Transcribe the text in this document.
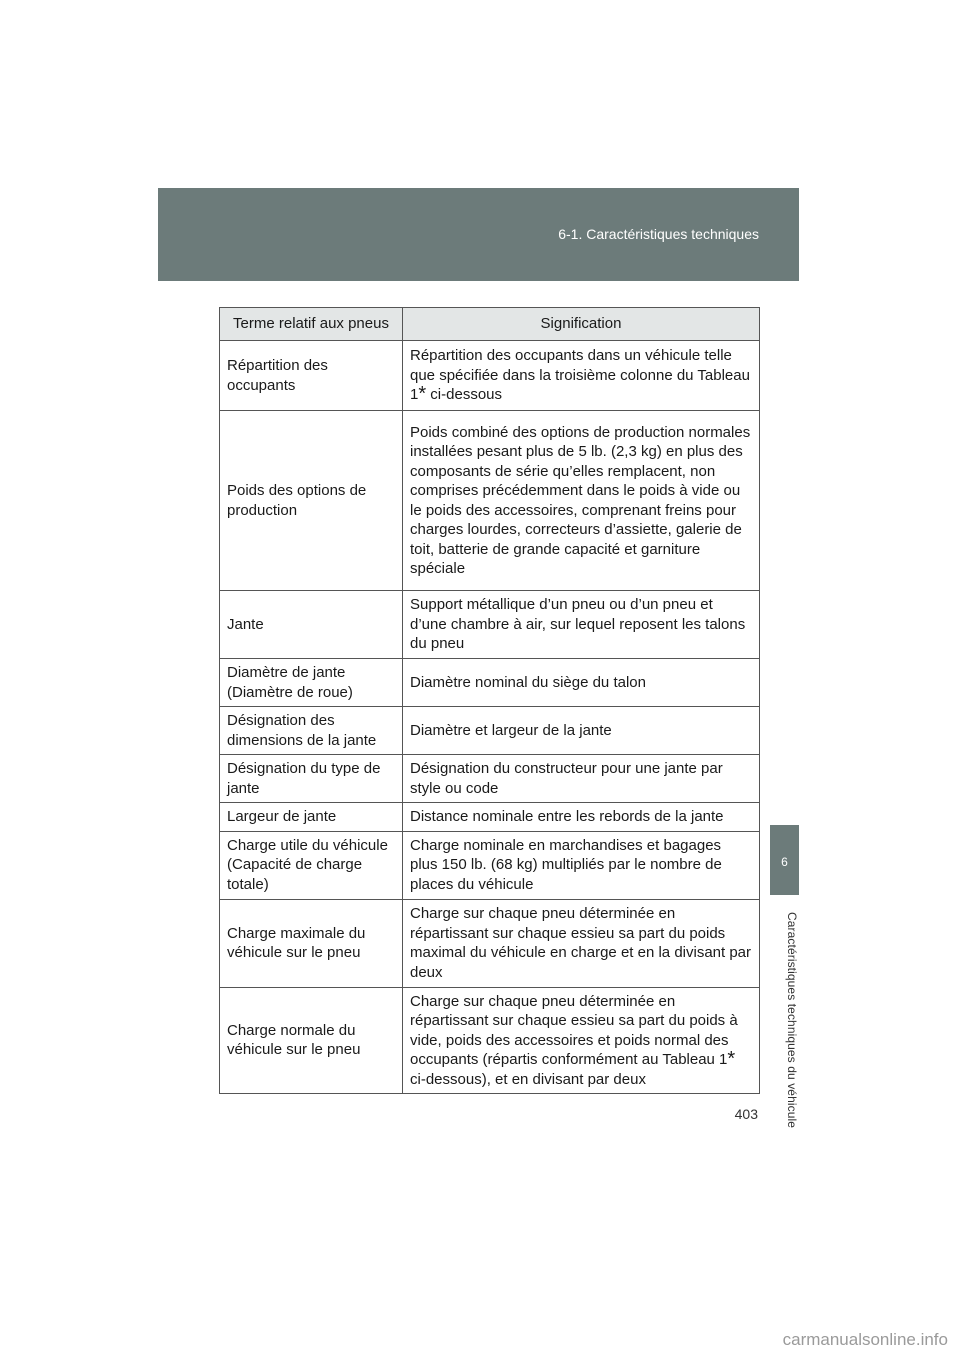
6-1. Caractéristiques techniques
6
Caractéristiques techniques du véhicule
Terme relatif aux pneus	Signification
Répartition des occupants	Répartition des occupants dans un véhicule telle que spécifiée dans la troisième colonne du Tableau 1* ci-dessous
Poids des options de production	Poids combiné des options de production normales installées pesant plus de 5 lb. (2,3 kg) en plus des composants de série qu’elles remplacent, non comprises précédemment dans le poids à vide ou le poids des accessoires, comprenant freins pour charges lourdes, correcteurs d’assiette, galerie de toit, batterie de grande capacité et garniture spéciale
Jante	Support métallique d’un pneu ou d’un pneu et d’une chambre à air, sur lequel reposent les talons du pneu
Diamètre de jante (Diamètre de roue)	Diamètre nominal du siège du talon
Désignation des dimensions de la jante	Diamètre et largeur de la jante
Désignation du type de jante	Désignation du constructeur pour une jante par style ou code
Largeur de jante	Distance nominale entre les rebords de la jante
Charge utile du véhicule (Capacité de charge totale)	Charge nominale en marchandises et bagages plus 150 lb. (68 kg) multipliés par le nombre de places du véhicule
Charge maximale du véhicule sur le pneu	Charge sur chaque pneu déterminée en répartissant sur chaque essieu sa part du poids maximal du véhicule en charge et en la divisant par deux
Charge normale du véhicule sur le pneu	Charge sur chaque pneu déterminée en répartissant sur chaque essieu sa part du poids à vide, poids des accessoires et poids normal des occupants (répartis conformément au Tableau 1* ci-dessous), et en divisant par deux
403
carmanualsonline.info
